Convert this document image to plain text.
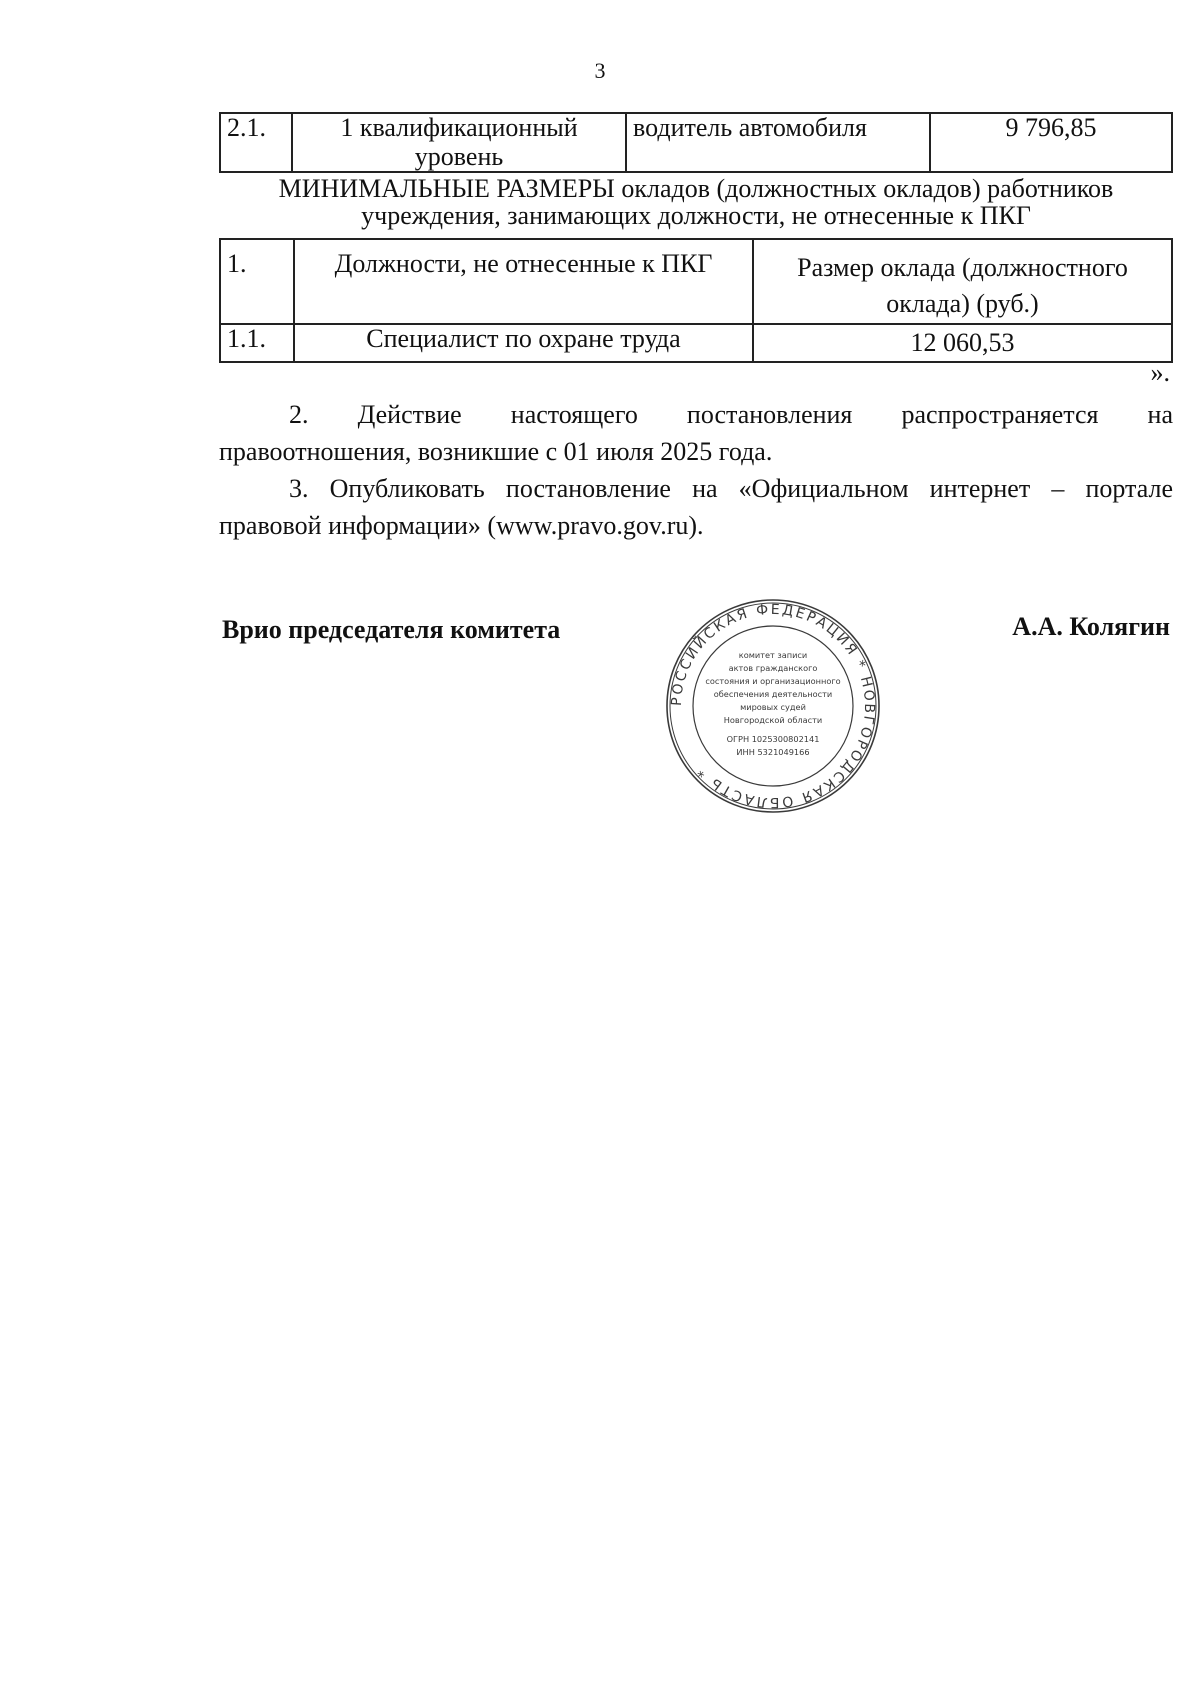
3
2.1.	1 квалификационный уровень	водитель автомобиля	9 796,85
МИНИМАЛЬНЫЕ РАЗМЕРЫ окладов (должностных окладов) работников учреждения, занимающих должности, не отнесенные к ПКГ
1.	Должности, не отнесенные к ПКГ	Размер оклада (должностного оклада) (руб.)
1.1.	Специалист по охране труда	12 060,53
».
2. Действие настоящего постановления распространяется на
правоотношения, возникшие с 01 июля 2025 года.
3. Опубликовать постановление на «Официальном интернет – портале правовой информации» (www.pravo.gov.ru).
Врио председателя комитета	А.А. Колягин
РОССИЙСКАЯ ФЕДЕРАЦИЯ * НОВГОРОДСКАЯ ОБЛАСТЬ *
комитет записи
актов гражданского
состояния и организационного
обеспечения деятельности
мировых судей
Новгородской области
ОГРН 1025300802141
ИНН 5321049166
